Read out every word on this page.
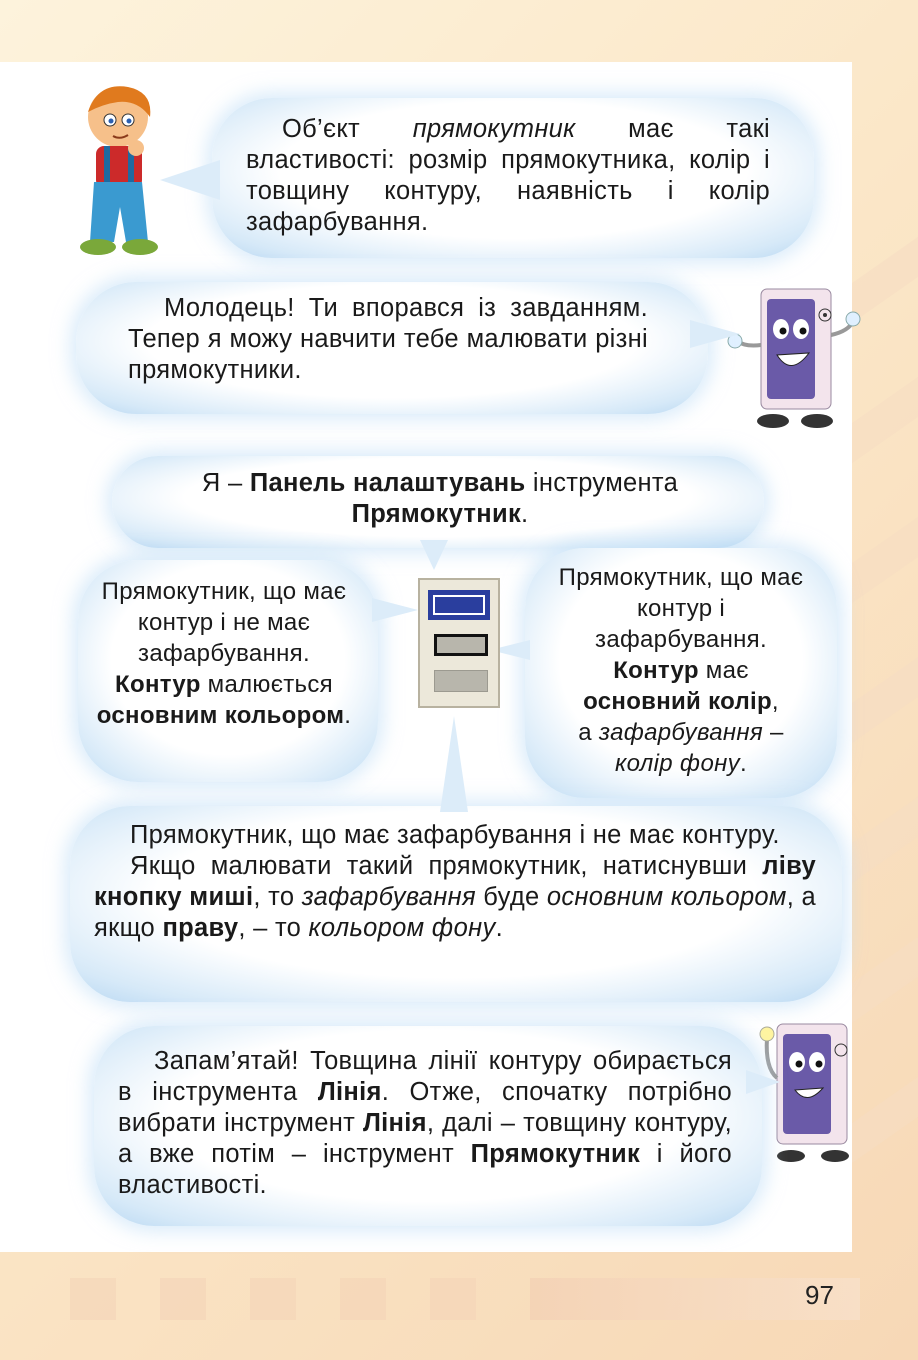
97
Об’єкт прямокутник має такі властивості: розмір прямокутника, колір і товщину контуру, наявність і колір зафарбування.
Молодець! Ти впорався із завданням. Тепер я можу навчити тебе малювати різні прямокутники.
Я – Панель налаштувань інструмента
Прямокутник.
Прямокутник, що має контур і не має зафарбування.
Контур малюється
основним кольором.
Прямокутник, що має контур і зафарбування.
Контур має
основний колір,
а зафарбування –
колір фону.
Прямокутник, що має зафарбування і не має контуру.
Якщо малювати такий прямокутник, натиснувши ліву кнопку миші, то зафарбування буде основним кольором, а якщо праву, – то кольором фону.
Запам’ятай! Товщина лінії контуру обирається в інструмента Лінія. Отже, спочатку потрібно вибрати інструмент Лінія, далі – товщину контуру, а вже потім – інструмент Прямокутник і його властивості.
